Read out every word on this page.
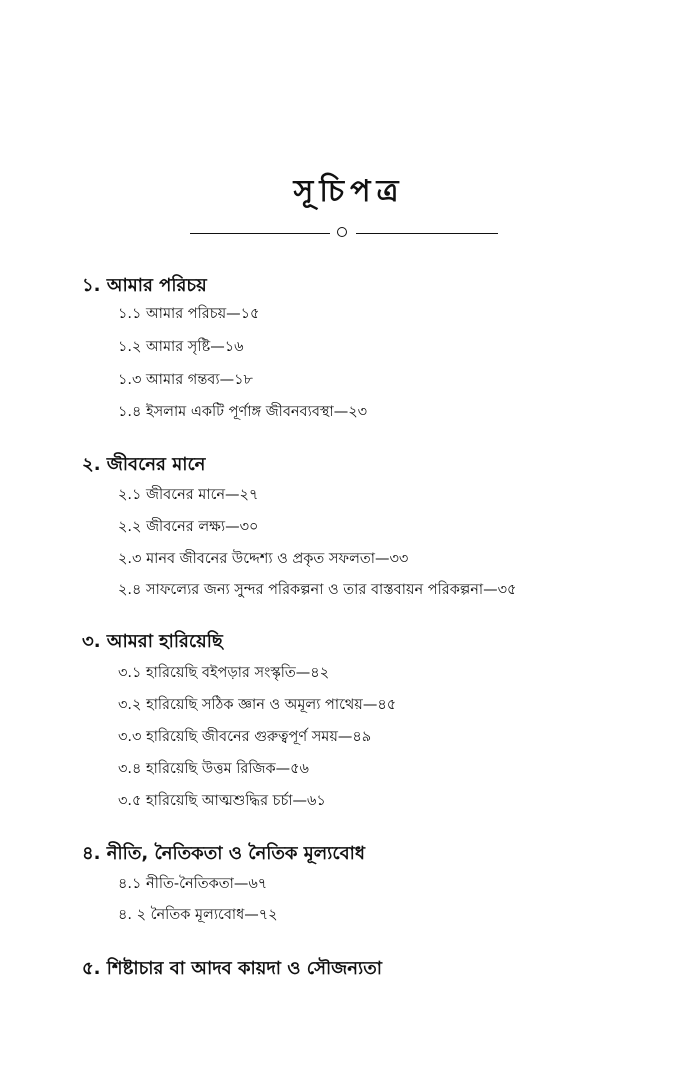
সূচিপত্র
১. আমার পরিচয়
১.১ আমার পরিচয়—১৫
১.২ আমার সৃষ্টি—১৬
১.৩ আমার গন্তব্য—১৮
১.৪ ইসলাম একটি পূর্ণাঙ্গ জীবনব্যবস্থা—২৩
২. জীবনের মানে
২.১ জীবনের মানে—২৭
২.২ জীবনের লক্ষ্য—৩০
২.৩ মানব জীবনের উদ্দেশ্য ও প্রকৃত সফলতা—৩৩
২.৪ সাফল্যের জন্য সুন্দর পরিকল্পনা ও তার বাস্তবায়ন পরিকল্পনা—৩৫
৩. আমরা হারিয়েছি
৩.১ হারিয়েছি বইপড়ার সংস্কৃতি—৪২
৩.২ হারিয়েছি সঠিক জ্ঞান ও অমূল্য পাথেয়—৪৫
৩.৩ হারিয়েছি জীবনের গুরুত্বপূর্ণ সময়—৪৯
৩.৪ হারিয়েছি উত্তম রিজিক—৫৬
৩.৫ হারিয়েছি আত্মশুদ্ধির চর্চা—৬১
৪. নীতি, নৈতিকতা ও নৈতিক মূল্যবোধ
৪.১ নীতি-নৈতিকতা—৬৭
৪. ২ নৈতিক মূল্যবোধ—৭২
৫. শিষ্টাচার বা আদব কায়দা ও সৌজন্যতা
